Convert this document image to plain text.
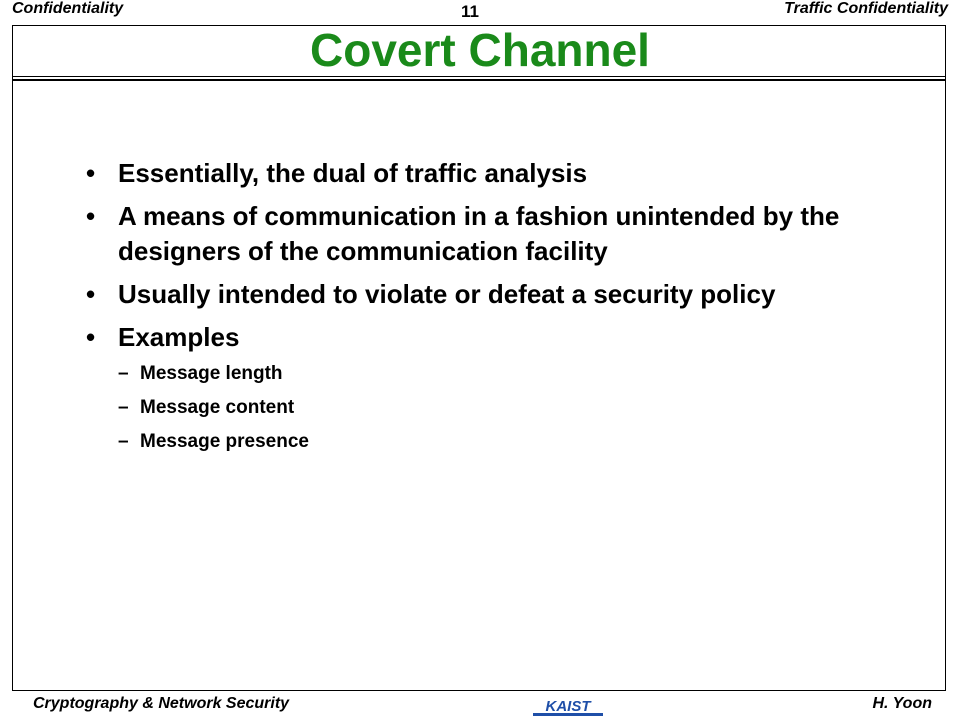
Confidentiality	11	Traffic Confidentiality
Covert Channel
• Essentially, the dual of traffic analysis
• A means of communication in a fashion unintended by the designers of the communication facility
• Usually intended to violate or defeat a security policy
• Examples
– Message length
– Message content
– Message presence
Cryptography & Network Security	KAIST	H. Yoon
